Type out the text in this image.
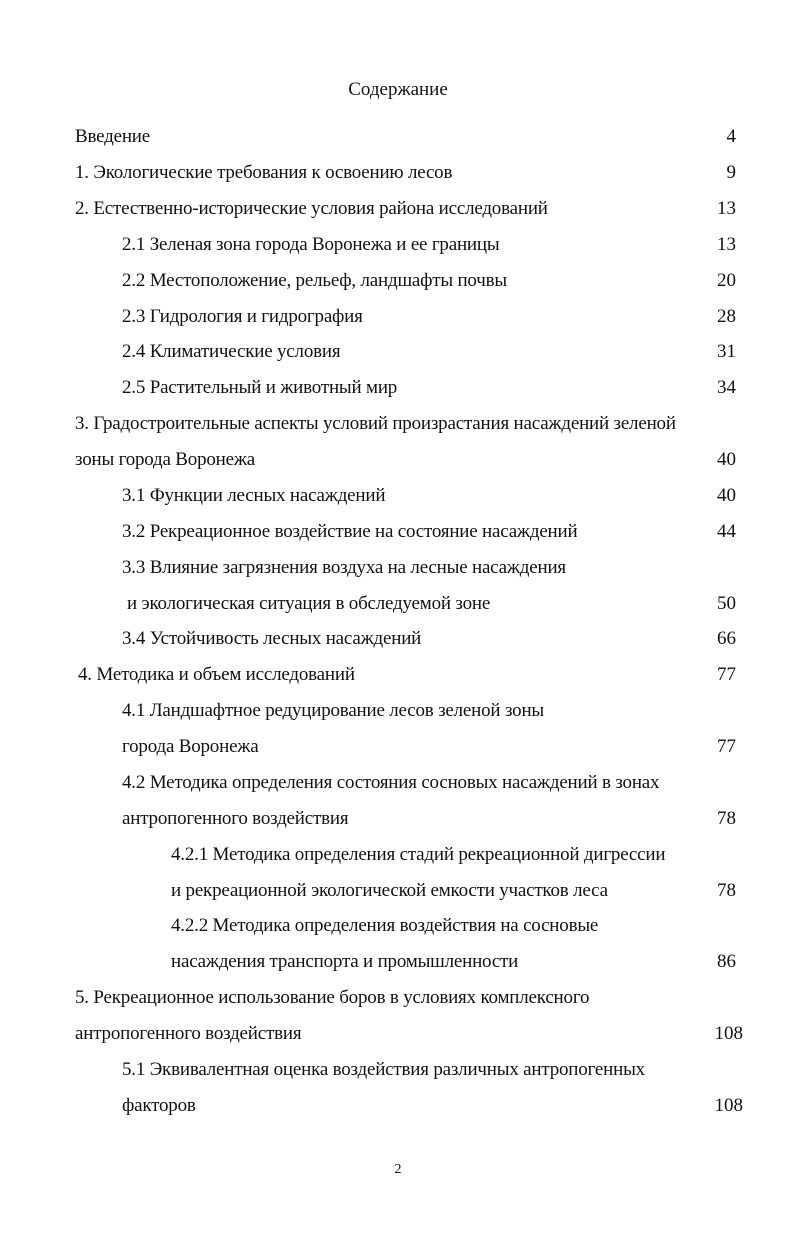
Содержание
Введение	4
1. Экологические требования к освоению лесов	9
2. Естественно-исторические условия района исследований	13
2.1 Зеленая зона города Воронежа и ее границы	13
2.2 Местоположение, рельеф, ландшафты почвы	20
2.3 Гидрология и гидрография	28
2.4 Климатические условия	31
2.5 Растительный и животный мир	34
3. Градостроительные аспекты условий произрастания насаждений зеленой
зоны города Воронежа	40
3.1 Функции лесных насаждений	40
3.2 Рекреационное воздействие на состояние насаждений	44
3.3 Влияние загрязнения воздуха на лесные насаждения
и экологическая ситуация в обследуемой зоне	50
3.4 Устойчивость лесных насаждений	66
4. Методика и объем исследований	77
4.1 Ландшафтное редуцирование лесов зеленой зоны
города Воронежа	77
4.2 Методика определения состояния сосновых насаждений в зонах
антропогенного воздействия	78
4.2.1 Методика определения стадий рекреационной дигрессии
и рекреационной экологической емкости участков леса	78
4.2.2 Методика определения воздействия на сосновые
насаждения транспорта и промышленности	86
5. Рекреационное использование боров в условиях комплексного
антропогенного воздействия	108
5.1 Эквивалентная оценка воздействия различных антропогенных
факторов	108
2
